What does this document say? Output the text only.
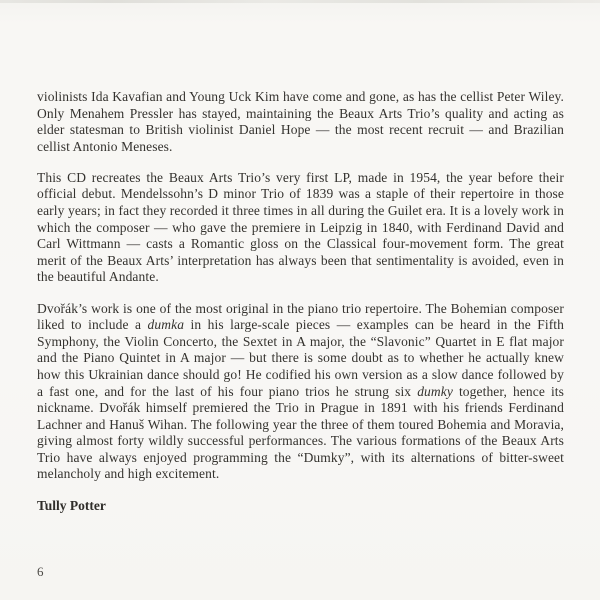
violinists Ida Kavafian and Young Uck Kim have come and gone, as has the cellist Peter Wiley. Only Menahem Pressler has stayed, maintaining the Beaux Arts Trio’s quality and acting as elder statesman to British violinist Daniel Hope — the most recent recruit — and Brazilian cellist Antonio Meneses.

This CD recreates the Beaux Arts Trio’s very first LP, made in 1954, the year before their official debut. Mendelssohn’s D minor Trio of 1839 was a staple of their repertoire in those early years; in fact they recorded it three times in all during the Guilet era. It is a lovely work in which the composer — who gave the premiere in Leipzig in 1840, with Ferdinand David and Carl Wittmann — casts a Romantic gloss on the Classical four-movement form. The great merit of the Beaux Arts’ interpretation has always been that sentimentality is avoided, even in the beautiful Andante.

Dvořák’s work is one of the most original in the piano trio repertoire. The Bohemian composer liked to include a dumka in his large-scale pieces — examples can be heard in the Fifth Symphony, the Violin Concerto, the Sextet in A major, the “Slavonic” Quartet in E flat major and the Piano Quintet in A major — but there is some doubt as to whether he actually knew how this Ukrainian dance should go! He codified his own version as a slow dance followed by a fast one, and for the last of his four piano trios he strung six dumky together, hence its nickname. Dvořák himself premiered the Trio in Prague in 1891 with his friends Ferdinand Lachner and Hanuš Wihan. The following year the three of them toured Bohemia and Moravia, giving almost forty wildly successful performances. The various formations of the Beaux Arts Trio have always enjoyed programming the “Dumky”, with its alternations of bitter-sweet melancholy and high excitement.

Tully Potter

6
